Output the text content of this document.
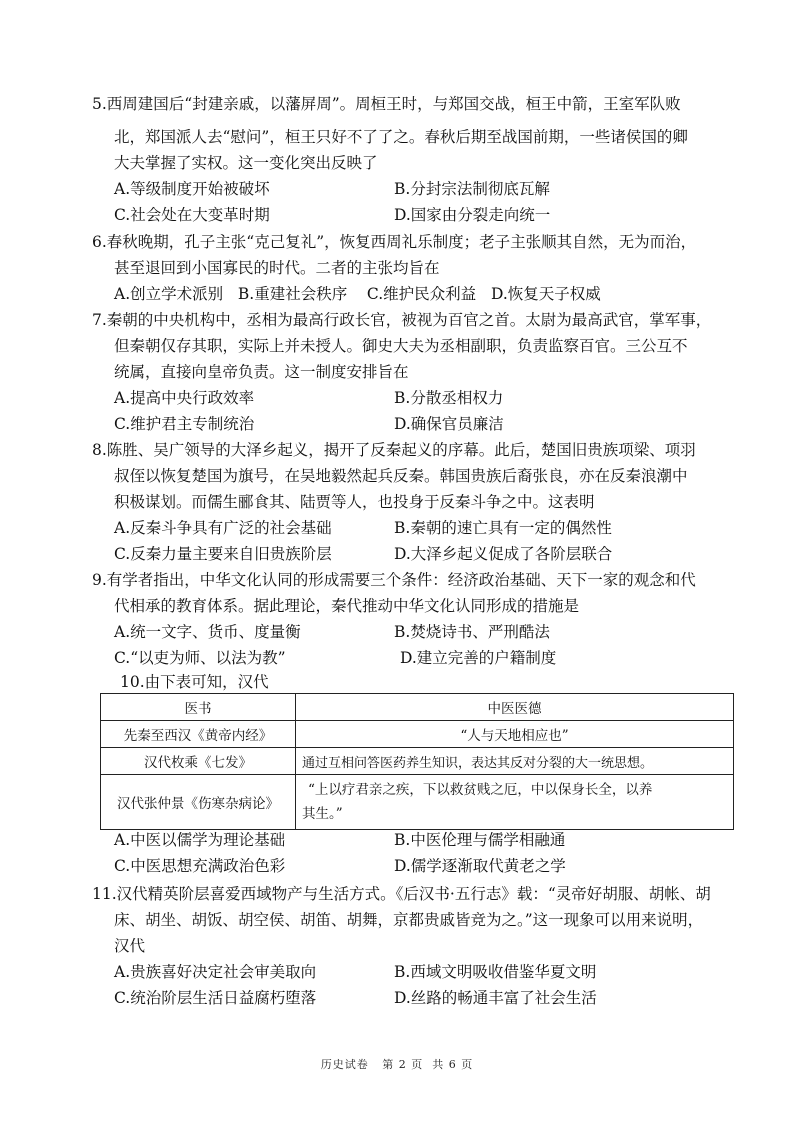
5.西周建国后“封建亲戚，以藩屏周”。周桓王时，与郑国交战，桓王中箭，王室军队败
北，郑国派人去“慰问”，桓王只好不了了之。春秋后期至战国前期，一些诸侯国的卿
大夫掌握了实权。这一变化突出反映了
A.等级制度开始被破坏	B.分封宗法制彻底瓦解
C.社会处在大变革时期	D.国家由分裂走向统一
6.春秋晚期，孔子主张“克己复礼”，恢复西周礼乐制度；老子主张顺其自然，无为而治，
甚至退回到小国寡民的时代。二者的主张均旨在
A.创立学术派别   B.重建社会秩序    C.维护民众利益   D.恢复天子权威
7.秦朝的中央机构中，丞相为最高行政长官，被视为百官之首。太尉为最高武官，掌军事，
但秦朝仅存其职，实际上并未授人。御史大夫为丞相副职，负责监察百官。三公互不
统属，直接向皇帝负责。这一制度安排旨在
A.提高中央行政效率	B.分散丞相权力
C.维护君主专制统治	D.确保官员廉洁
8.陈胜、吴广领导的大泽乡起义，揭开了反秦起义的序幕。此后，楚国旧贵族项梁、项羽
叔侄以恢复楚国为旗号，在吴地毅然起兵反秦。韩国贵族后裔张良，亦在反秦浪潮中
积极谋划。而儒生郦食其、陆贾等人，也投身于反秦斗争之中。这表明
A.反秦斗争具有广泛的社会基础	B.秦朝的速亡具有一定的偶然性
C.反秦力量主要来自旧贵族阶层	D.大泽乡起义促成了各阶层联合
9.有学者指出，中华文化认同的形成需要三个条件：经济政治基础、天下一家的观念和代
代相承的教育体系。据此理论，秦代推动中华文化认同形成的措施是
A.统一文字、货币、度量衡	B.焚烧诗书、严刑酷法
C.“以吏为师、以法为教”	D.建立完善的户籍制度
10.由下表可知，汉代
医书	中医医德
先秦至西汉《黄帝内经》	“人与天地相应也”
汉代枚乘《七发》	通过互相问答医药养生知识，表达其反对分裂的大一统思想。
汉代张仲景《伤寒杂病论》	“上以疗君亲之疾，下以救贫贱之厄，中以保身长全，以养
其生。”
A.中医以儒学为理论基础	B.中医伦理与儒学相融通
C.中医思想充满政治色彩	D.儒学逐渐取代黄老之学
11.汉代精英阶层喜爱西域物产与生活方式。《后汉书·五行志》载：“灵帝好胡服、胡帐、胡
床、胡坐、胡饭、胡空侯、胡笛、胡舞，京都贵戚皆竞为之。”这一现象可以用来说明，
汉代
A.贵族喜好决定社会审美取向	B.西域文明吸收借鉴华夏文明
C.统治阶层生活日益腐朽堕落	D.丝路的畅通丰富了社会生活
历史试卷   第 2 页  共 6 页
